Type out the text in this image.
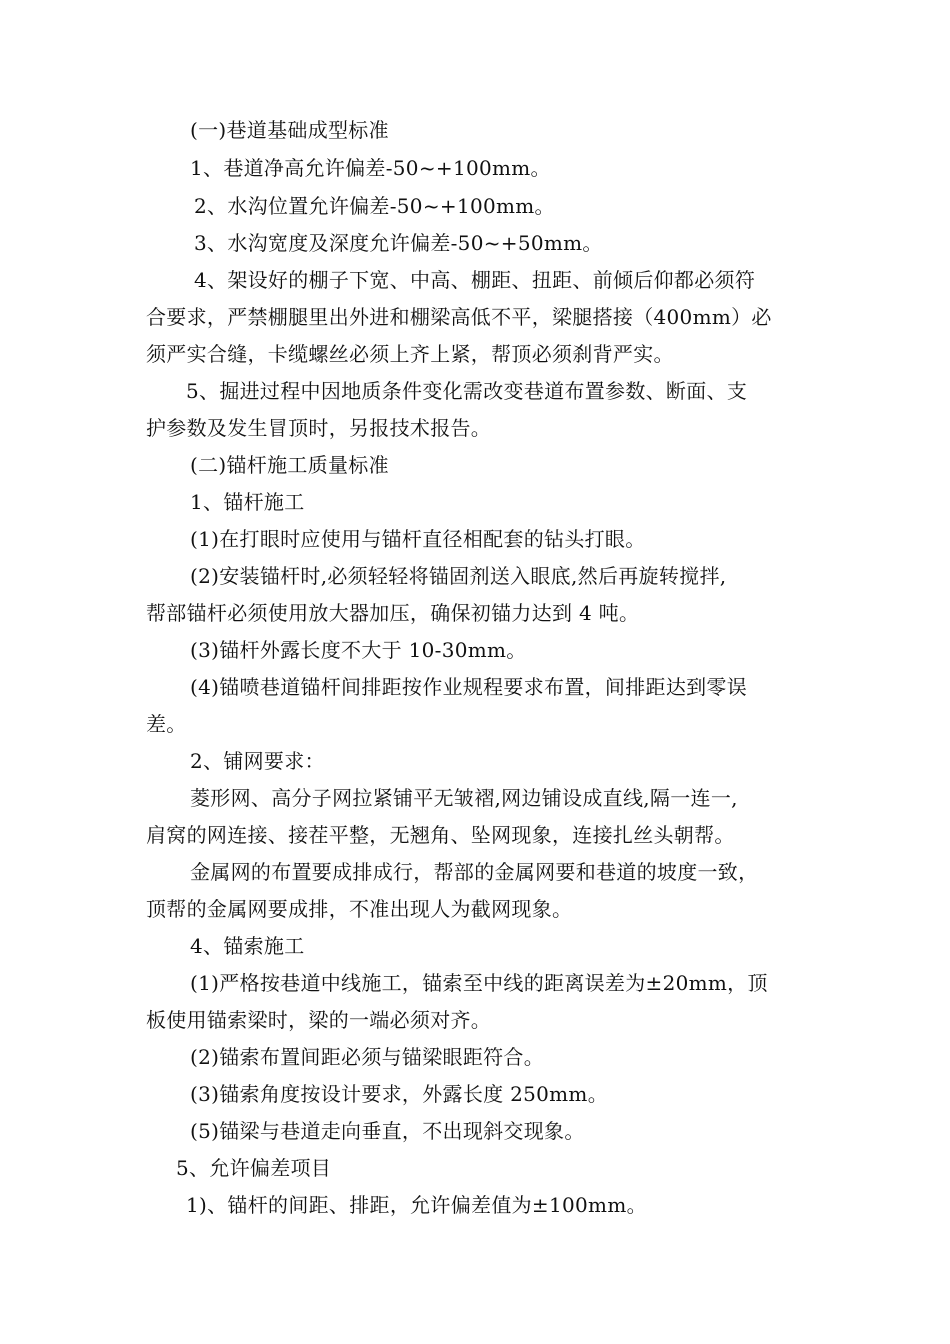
(一)巷道基础成型标准
1、巷道净高允许偏差-50~+100mm。
2、水沟位置允许偏差-50~+100mm。
3、水沟宽度及深度允许偏差-50~+50mm。
4、架设好的棚子下宽、中高、棚距、扭距、前倾后仰都必须符
合要求，严禁棚腿里出外进和棚梁高低不平，梁腿搭接（400mm）必
须严实合缝，卡缆螺丝必须上齐上紧，帮顶必须刹背严实。
5、掘进过程中因地质条件变化需改变巷道布置参数、断面、支
护参数及发生冒顶时，另报技术报告。
(二)锚杆施工质量标准
1、锚杆施工
(1)在打眼时应使用与锚杆直径相配套的钻头打眼。
(2)安装锚杆时,必须轻轻将锚固剂送入眼底,然后再旋转搅拌,
帮部锚杆必须使用放大器加压，确保初锚力达到 4 吨。
(3)锚杆外露长度不大于 10-30mm。
(4)锚喷巷道锚杆间排距按作业规程要求布置，间排距达到零误
差。
2、铺网要求：
菱形网、高分子网拉紧铺平无皱褶,网边铺设成直线,隔一连一,
肩窝的网连接、接茬平整，无翘角、坠网现象，连接扎丝头朝帮。
金属网的布置要成排成行，帮部的金属网要和巷道的坡度一致，
顶帮的金属网要成排，不准出现人为截网现象。
4、锚索施工
(1)严格按巷道中线施工，锚索至中线的距离误差为±20mm，顶
板使用锚索梁时，梁的一端必须对齐。
(2)锚索布置间距必须与锚梁眼距符合。
(3)锚索角度按设计要求，外露长度 250mm。
(5)锚梁与巷道走向垂直，不出现斜交现象。
5、允许偏差项目
1)、锚杆的间距、排距，允许偏差值为±100mm。
